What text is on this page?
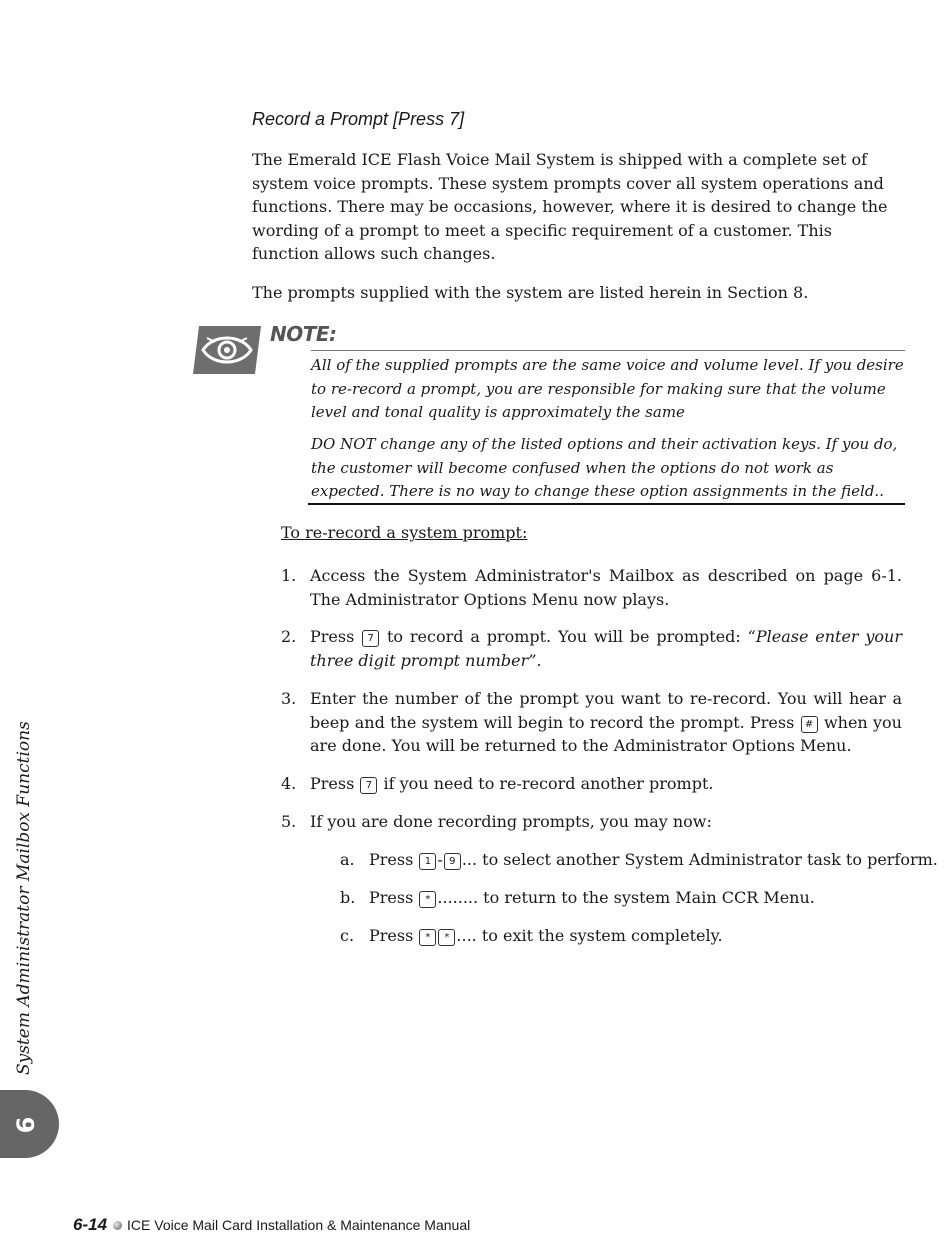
Record a Prompt [Press 7]

The Emerald ICE Flash Voice Mail System is shipped with a complete set of system voice prompts. These system prompts cover all system operations and functions. There may be occasions, however, where it is desired to change the wording of a prompt to meet a specific requirement of a customer. This function allows such changes.

The prompts supplied with the system are listed herein in Section 8.

NOTE:

All of the supplied prompts are the same voice and volume level. If you desire to re-record a prompt, you are responsible for making sure that the volume level and tonal quality is approximately the same

DO NOT change any of the listed options and their activation keys. If you do, the customer will become confused when the options do not work as expected. There is no way to change these option assignments in the field..

To re-record a system prompt:
1. Access the System Administrator's Mailbox as described on page 6-1. The Administrator Options Menu now plays.
2. Press 7 to record a prompt. You will be prompted: “Please enter your three digit prompt number”.
3. Enter the number of the prompt you want to re-record. You will hear a beep and the system will begin to record the prompt. Press # when you are done. You will be returned to the Administrator Options Menu.
4. Press 7 if you need to re-record another prompt.
5. If you are done recording prompts, you may now:
a. Press 1 - 9 ... to select another System Administrator task to perform.
b. Press * ........ to return to the system Main CCR Menu.
c. Press * * .... to exit the system completely.
System Administrator Mailbox Functions
6
6-14 ICE Voice Mail Card Installation & Maintenance Manual
